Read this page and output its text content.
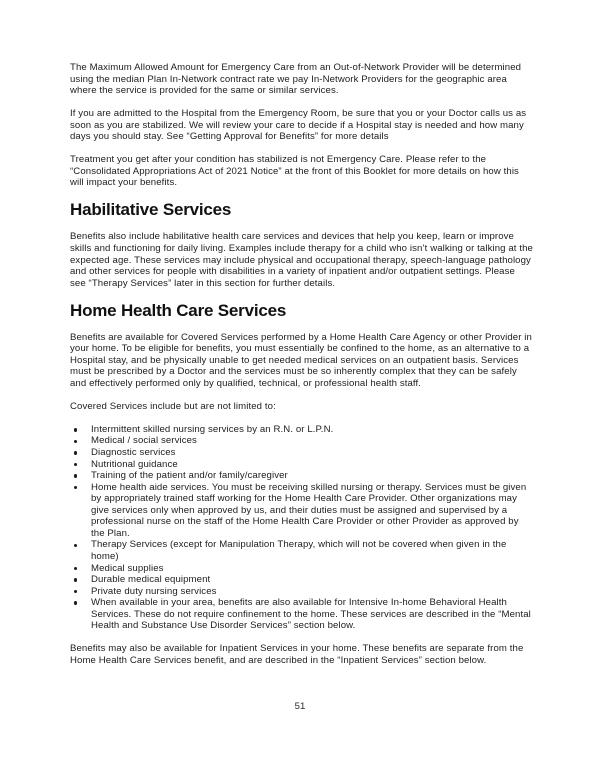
The Maximum Allowed Amount for Emergency Care from an Out-of-Network Provider will be determined using the median Plan In-Network contract rate we pay In-Network Providers for the geographic area where the service is provided for the same or similar services.

If you are admitted to the Hospital from the Emergency Room, be sure that you or your Doctor calls us as soon as you are stabilized. We will review your care to decide if a Hospital stay is needed and how many days you should stay. See “Getting Approval for Benefits” for more details

Treatment you get after your condition has stabilized is not Emergency Care. Please refer to the “Consolidated Appropriations Act of 2021 Notice” at the front of this Booklet for more details on how this will impact your benefits.

Habilitative Services

Benefits also include habilitative health care services and devices that help you keep, learn or improve skills and functioning for daily living. Examples include therapy for a child who isn’t walking or talking at the expected age. These services may include physical and occupational therapy, speech-language pathology and other services for people with disabilities in a variety of inpatient and/or outpatient settings. Please see “Therapy Services” later in this section for further details.

Home Health Care Services

Benefits are available for Covered Services performed by a Home Health Care Agency or other Provider in your home. To be eligible for benefits, you must essentially be confined to the home, as an alternative to a Hospital stay, and be physically unable to get needed medical services on an outpatient basis. Services must be prescribed by a Doctor and the services must be so inherently complex that they can be safely and effectively performed only by qualified, technical, or professional health staff.

Covered Services include but are not limited to:

Intermittent skilled nursing services by an R.N. or L.P.N.
Medical / social services
Diagnostic services
Nutritional guidance
Training of the patient and/or family/caregiver
Home health aide services. You must be receiving skilled nursing or therapy. Services must be given by appropriately trained staff working for the Home Health Care Provider. Other organizations may give services only when approved by us, and their duties must be assigned and supervised by a professional nurse on the staff of the Home Health Care Provider or other Provider as approved by the Plan.
Therapy Services (except for Manipulation Therapy, which will not be covered when given in the home)
Medical supplies
Durable medical equipment
Private duty nursing services
When available in your area, benefits are also available for Intensive In-home Behavioral Health Services. These do not require confinement to the home. These services are described in the “Mental Health and Substance Use Disorder Services” section below.

Benefits may also be available for Inpatient Services in your home. These benefits are separate from the Home Health Care Services benefit, and are described in the “Inpatient Services” section below.

51
